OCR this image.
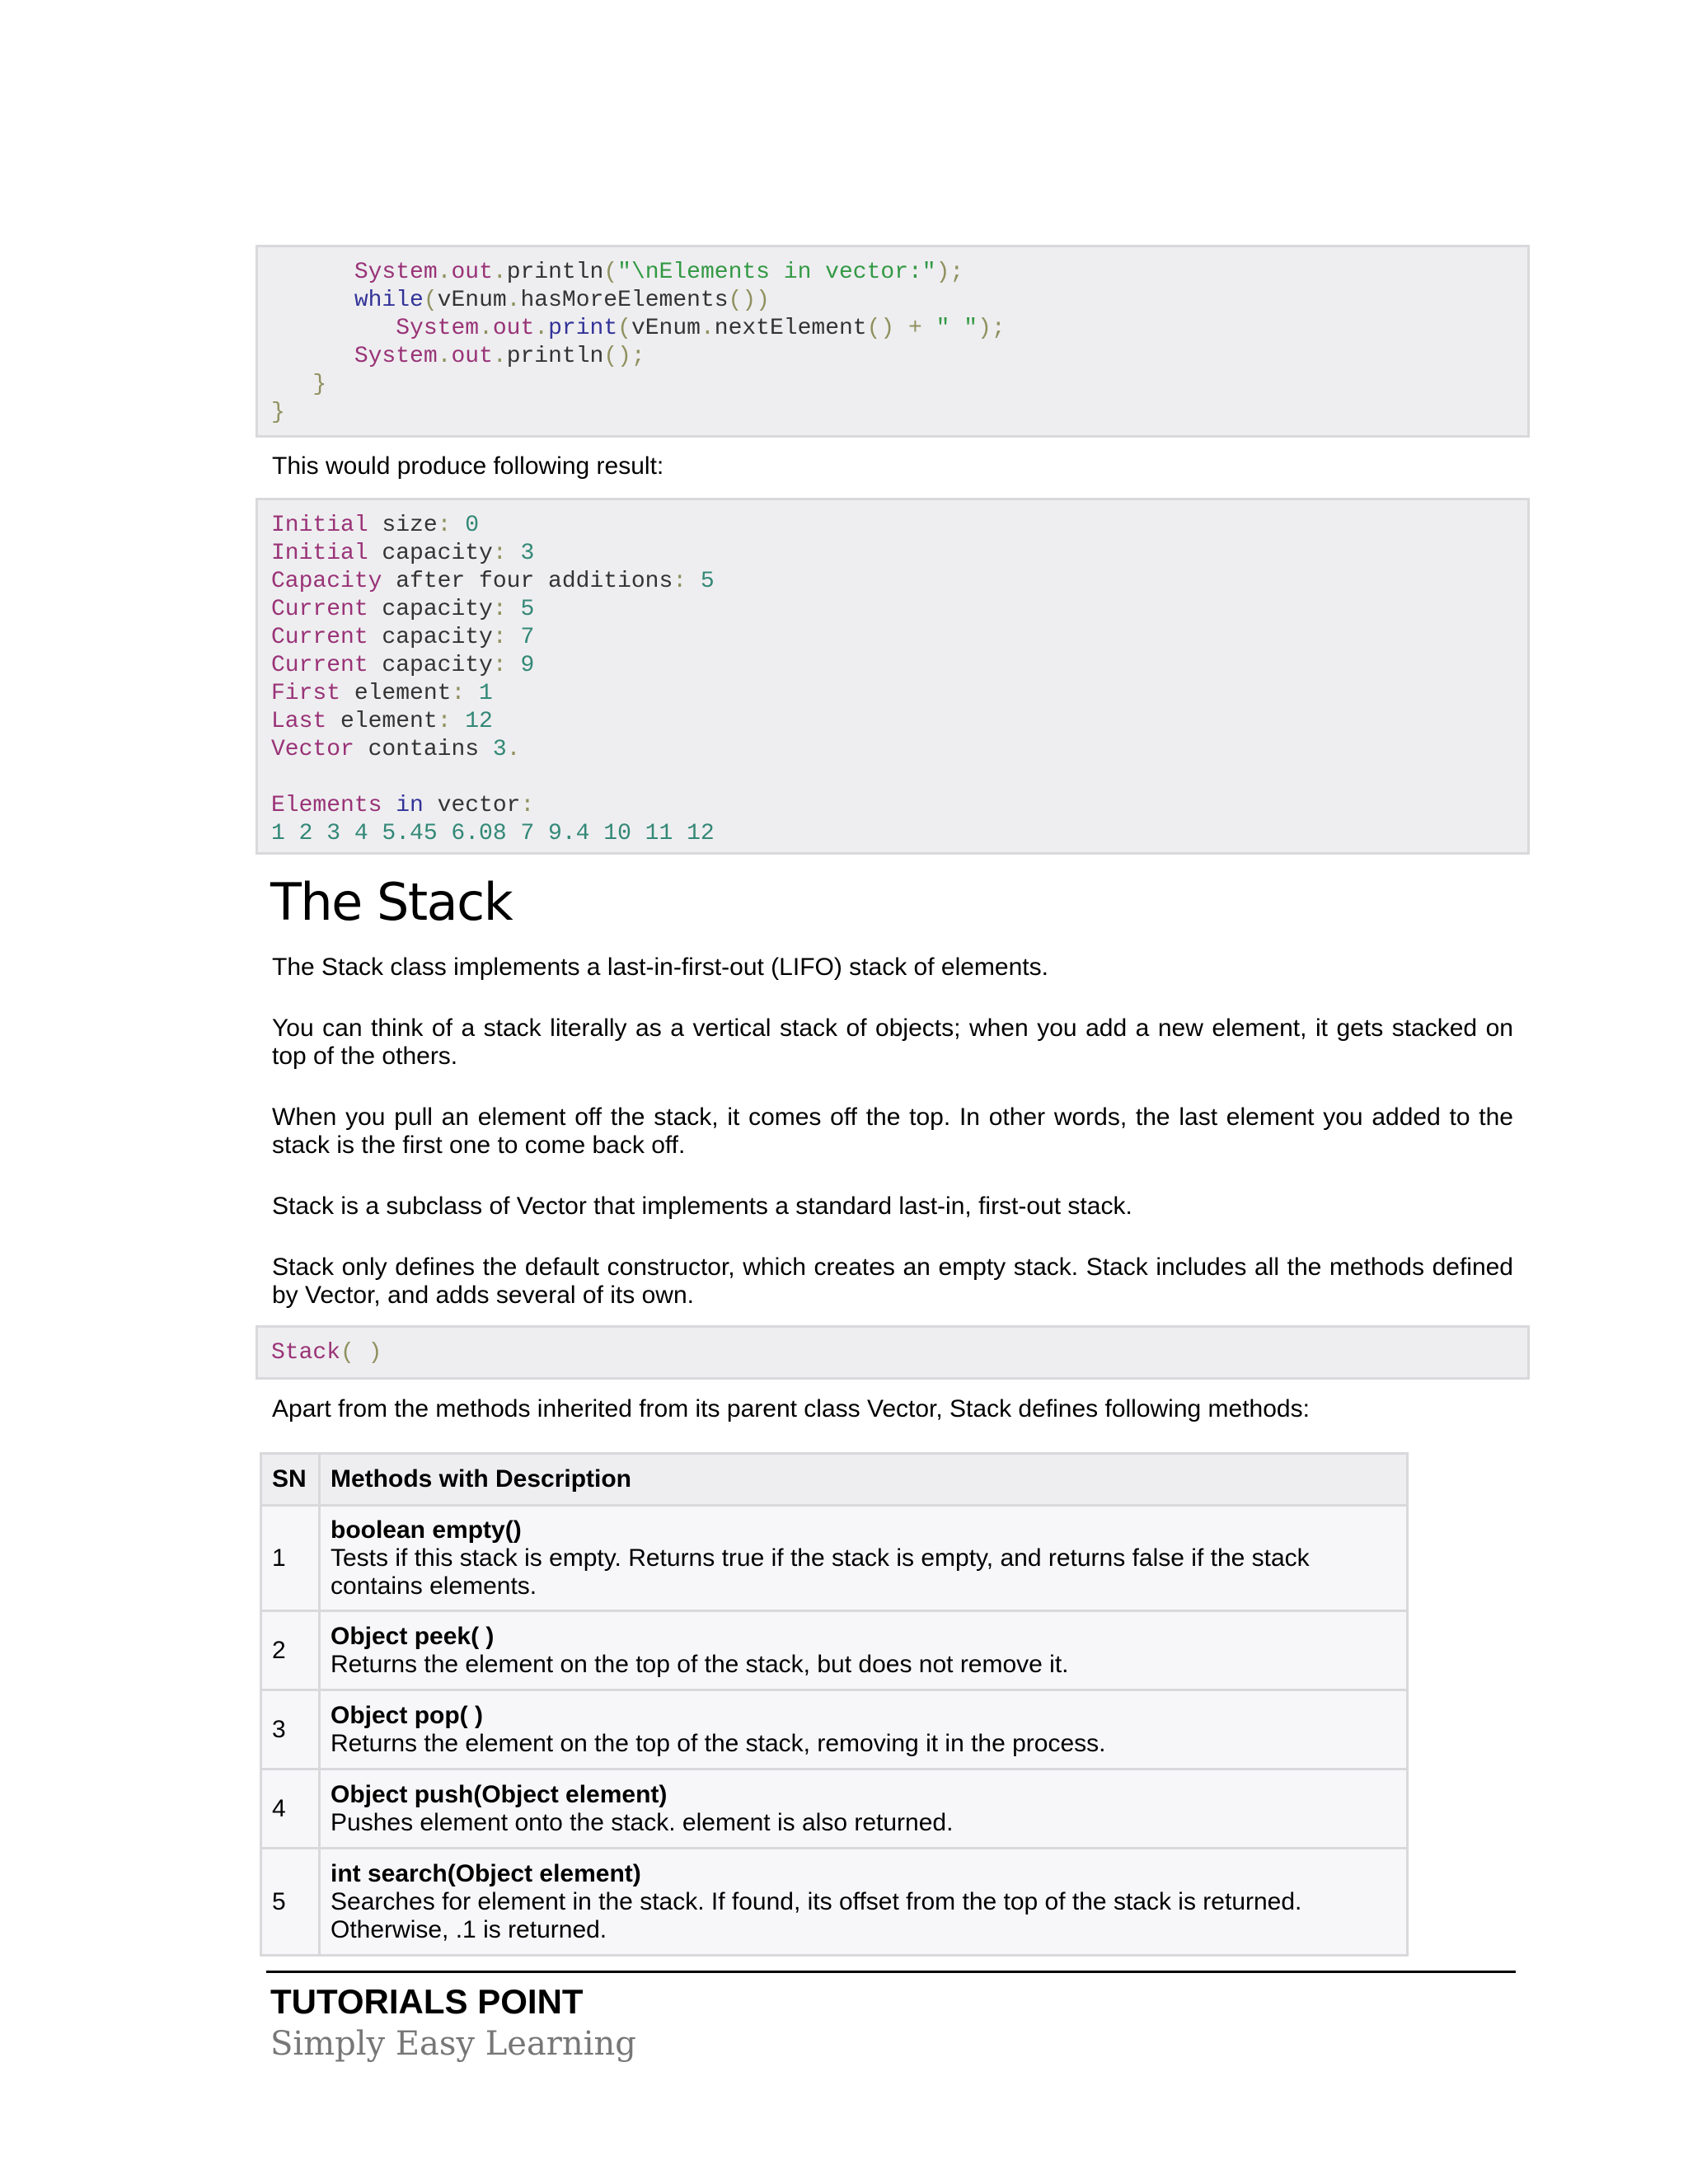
System.out.println("\nElements in vector:");
while(vEnum.hasMoreElements())
System.out.print(vEnum.nextElement() + " ");
System.out.println();
}
}
This would produce following result:
Initial size: 0
Initial capacity: 3
Capacity after four additions: 5
Current capacity: 5
Current capacity: 7
Current capacity: 9
First element: 1
Last element: 12
Vector contains 3.
Elements in vector:
1 2 3 4 5.45 6.08 7 9.4 10 11 12
The Stack
The Stack class implements a last-in-first-out (LIFO) stack of elements.
You can think of a stack literally as a vertical stack of objects; when you add a new element, it gets stacked on top of the others.
When you pull an element off the stack, it comes off the top. In other words, the last element you added to the stack is the first one to come back off.
Stack is a subclass of Vector that implements a standard last-in, first-out stack.
Stack only defines the default constructor, which creates an empty stack. Stack includes all the methods defined by Vector, and adds several of its own.
Stack( )
Apart from the methods inherited from its parent class Vector, Stack defines following methods:
SN	Methods with Description
1	boolean empty()
Tests if this stack is empty. Returns true if the stack is empty, and returns false if the stack contains elements.

2	Object peek( )
Returns the element on the top of the stack, but does not remove it.

3	Object pop( )
Returns the element on the top of the stack, removing it in the process.

4	Object push(Object element)
Pushes element onto the stack. element is also returned.

5	int search(Object element)
Searches for element in the stack. If found, its offset from the top of the stack is returned. Otherwise, .1 is returned.
TUTORIALS POINT
Simply Easy Learning
